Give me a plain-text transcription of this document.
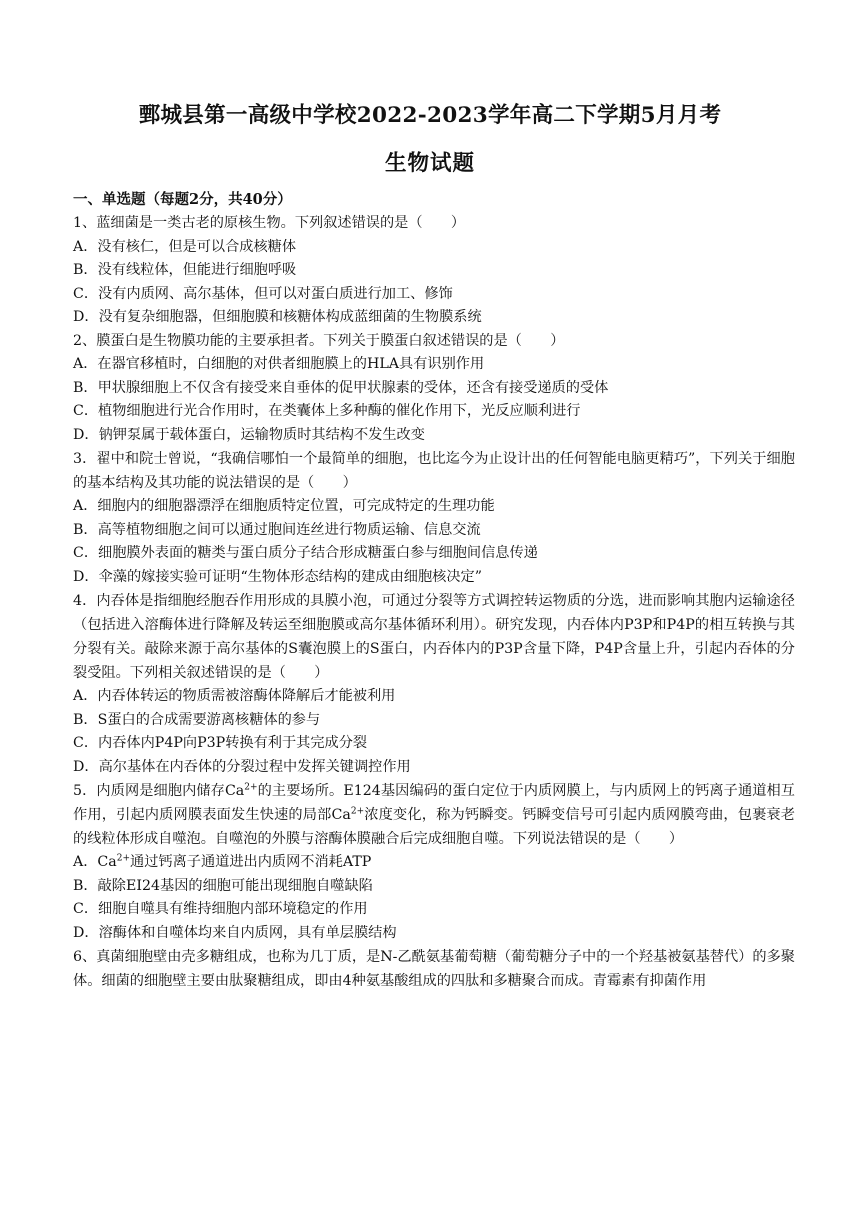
鄄城县第一高级中学校2022-2023学年高二下学期5月月考
生物试题
一、单选题（每题2分，共40分）
1、蓝细菌是一类古老的原核生物。下列叙述错误的是（　　）
A．没有核仁，但是可以合成核糖体
B．没有线粒体，但能进行细胞呼吸
C．没有内质网、高尔基体，但可以对蛋白质进行加工、修饰
D．没有复杂细胞器，但细胞膜和核糖体构成蓝细菌的生物膜系统
2、膜蛋白是生物膜功能的主要承担者。下列关于膜蛋白叙述错误的是（　　）
A．在器官移植时，白细胞的对供者细胞膜上的HLA具有识别作用
B．甲状腺细胞上不仅含有接受来自垂体的促甲状腺素的受体，还含有接受递质的受体
C．植物细胞进行光合作用时，在类囊体上多种酶的催化作用下，光反应顺利进行
D．钠钾泵属于载体蛋白，运输物质时其结构不发生改变
3．翟中和院士曾说，“我确信哪怕一个最简单的细胞，也比迄今为止设计出的任何智能电脑更精巧”，下列关于细胞的基本结构及其功能的说法错误的是（　　）
A．细胞内的细胞器漂浮在细胞质特定位置，可完成特定的生理功能
B．高等植物细胞之间可以通过胞间连丝进行物质运输、信息交流
C．细胞膜外表面的糖类与蛋白质分子结合形成糖蛋白参与细胞间信息传递
D．伞藻的嫁接实验可证明“生物体形态结构的建成由细胞核决定”
4．内吞体是指细胞经胞吞作用形成的具膜小泡，可通过分裂等方式调控转运物质的分选，进而影响其胞内运输途径（包括进入溶酶体进行降解及转运至细胞膜或高尔基体循环利用）。研究发现，内吞体内P3P和P4P的相互转换与其分裂有关。敲除来源于高尔基体的S囊泡膜上的S蛋白，内吞体内的P3P含量下降，P4P含量上升，引起内吞体的分裂受阻。下列相关叙述错误的是（　　）
A．内吞体转运的物质需被溶酶体降解后才能被利用
B．S蛋白的合成需要游离核糖体的参与
C．内吞体内P4P向P3P转换有利于其完成分裂
D．高尔基体在内吞体的分裂过程中发挥关键调控作用
5．内质网是细胞内储存$Ca^{2+}$的主要场所。E124基因编码的蛋白定位于内质网膜上，与内质网上的钙离子通道相互作用，引起内质网膜表面发生快速的局部$Ca^{2+}$浓度变化，称为钙瞬变。钙瞬变信号可引起内质网膜弯曲，包裹衰老的线粒体形成自噬泡。自噬泡的外膜与溶酶体膜融合后完成细胞自噬。下列说法错误的是（　　）
A．$Ca^{2+}$通过钙离子通道进出内质网不消耗ATP
B．敲除EI24基因的细胞可能出现细胞自噬缺陷
C．细胞自噬具有维持细胞内部环境稳定的作用
D．溶酶体和自噬体均来自内质网，具有单层膜结构
6、真菌细胞壁由壳多糖组成，也称为几丁质，是N-乙酰氨基葡萄糖（葡萄糖分子中的一个羟基被氨基替代）的多聚体。细菌的细胞壁主要由肽聚糖组成，即由4种氨基酸组成的四肽和多糖聚合而成。青霉素有抑菌作用
